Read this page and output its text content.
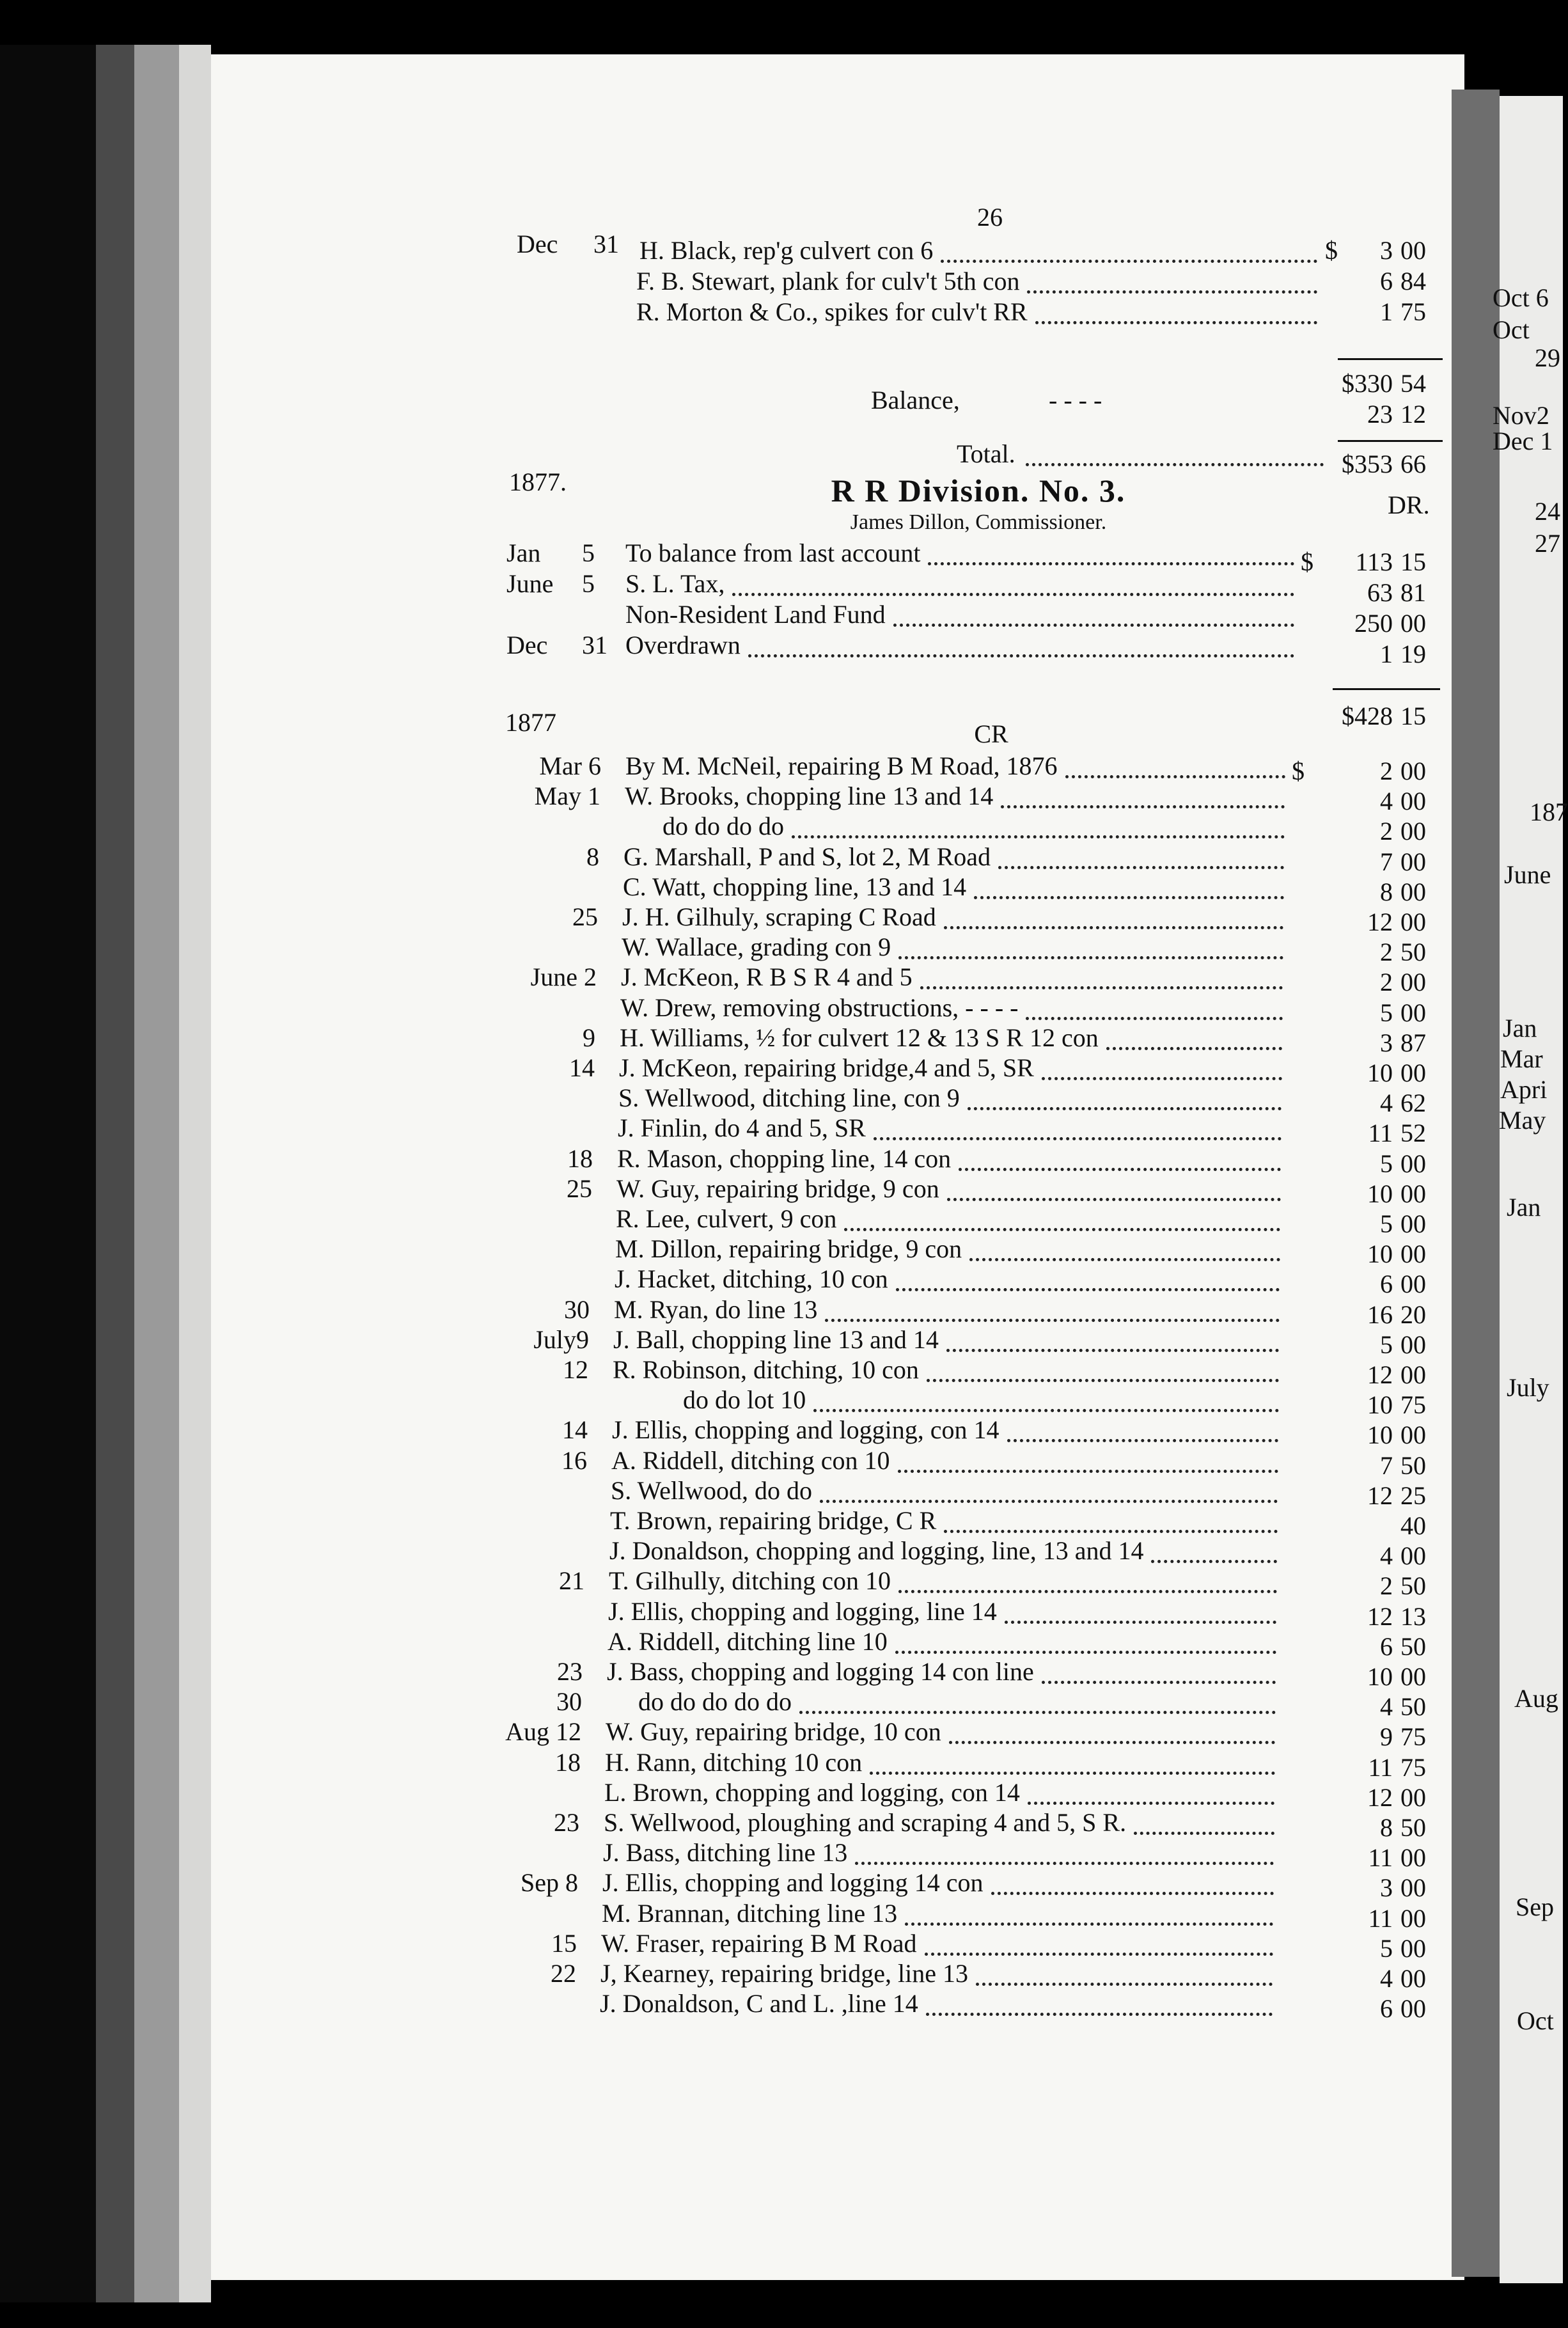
26
Dec 31 H. Black, rep'g culvert con 6	$	3 00
F. B. Stewart, plank for culv't 5th con	6 84
R. Morton & Co., spikes for culv't RR	1 75
$330 54
Balance,	- - - -	23 12
Total.	$353 66
1877.	R R Division. No. 3.
James Dillon, Commissioner.
DR.
Jan 5 To balance from last account	$	113 15
June 5 S. L. Tax,	63 81
Non-Resident Land Fund	250 00
Dec 31 Overdrawn	1 19
1877	$428 15
CR
Mar 6 By M. McNeil, repairing B M Road, 1876	$	2 00
May 1 W. Brooks, chopping line 13 and 14	4 00
do do do do	2 00
8 G. Marshall, P and S, lot 2, M Road	7 00
C. Watt, chopping line, 13 and 14	8 00
25 J. H. Gilhuly, scraping C Road	12 00
W. Wallace, grading con 9	2 50
June 2 J. McKeon, R B S R 4 and 5	2 00
W. Drew, removing obstructions, - - - -	5 00
9 H. Williams, ½ for culvert 12 & 13 S R 12 con	3 87
14 J. McKeon, repairing bridge,4 and 5, SR	10 00
S. Wellwood, ditching line, con 9	4 62
J. Finlin, do 4 and 5, SR	11 52
18 R. Mason, chopping line, 14 con	5 00
25 W. Guy, repairing bridge, 9 con	10 00
R. Lee, culvert, 9 con	5 00
M. Dillon, repairing bridge, 9 con	10 00
J. Hacket, ditching, 10 con	6 00
30 M. Ryan, do line 13	16 20
July9 J. Ball, chopping line 13 and 14	5 00
12 R. Robinson, ditching, 10 con	12 00
do do lot 10	10 75
14 J. Ellis, chopping and logging, con 14	10 00
16 A. Riddell, ditching con 10	7 50
S. Wellwood, do do	12 25
T. Brown, repairing bridge, C R	40
J. Donaldson, chopping and logging, line, 13 and 14	4 00
21 T. Gilhully, ditching con 10	2 50
J. Ellis, chopping and logging, line 14	12 13
A. Riddell, ditching line 10	6 50
23 J. Bass, chopping and logging 14 con line	10 00
30 do do do do do	4 50
Aug 12 W. Guy, repairing bridge, 10 con	9 75
18 H. Rann, ditching 10 con	11 75
L. Brown, chopping and logging, con 14	12 00
23 S. Wellwood, ploughing and scraping 4 and 5, S R.	8 50
J. Bass, ditching line 13	11 00
Sep 8 J. Ellis, chopping and logging 14 con	3 00
M. Brannan, ditching line 13	11 00
15 W. Fraser, repairing B M Road	5 00
22 J, Kearney, repairing bridge, line 13	4 00
J. Donaldson, C and L. ,line 14	6 00
Oct 6
Oct
29
Nov2
Dec 1
24
27
187
June
Jan
Mar
Apri
May
Jan
July
Aug
Sep
Oct
